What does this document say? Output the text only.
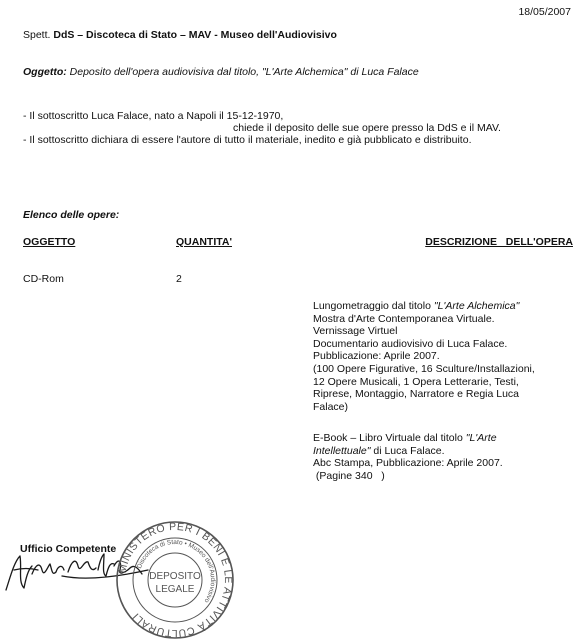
18/05/2007
Spett. DdS – Discoteca di Stato – MAV - Museo dell'Audiovisivo
Oggetto: Deposito dell'opera audiovisiva dal titolo, "L'Arte Alchemica" di Luca Falace
- Il sottoscritto Luca Falace, nato a Napoli il 15-12-1970,
chiede il deposito delle sue opere presso la DdS e il MAV.
- Il sottoscritto dichiara di essere l'autore di tutto il materiale, inedito e già pubblicato e distribuito.
Elenco delle opere:
OGGETTO	QUANTITA'	DESCRIZIONE   DELL'OPERA
CD-Rom	2
Lungometraggio dal titolo "L'Arte Alchemica"
Mostra d'Arte Contemporanea Virtuale.
Vernissage Virtuel
Documentario audiovisivo di Luca Falace.
Pubblicazione: Aprile 2007.
(100 Opere Figurative, 16 Sculture/Installazioni,
12 Opere Musicali, 1 Opera Letterarie, Testi,
Riprese, Montaggio, Narratore e Regia Luca
Falace)
E-Book – Libro Virtuale dal titolo "L'Arte
Intellettuale" di Luca Falace.
Abc Stampa, Pubblicazione: Aprile 2007.
(Pagine 340   )
Ufficio Competente
MINISTERO PER I BENI E LE ATTIVITÀ CULTURALI
Discoteca di Stato • Museo dell'Audiovisivo
DEPOSITO
LEGALE
